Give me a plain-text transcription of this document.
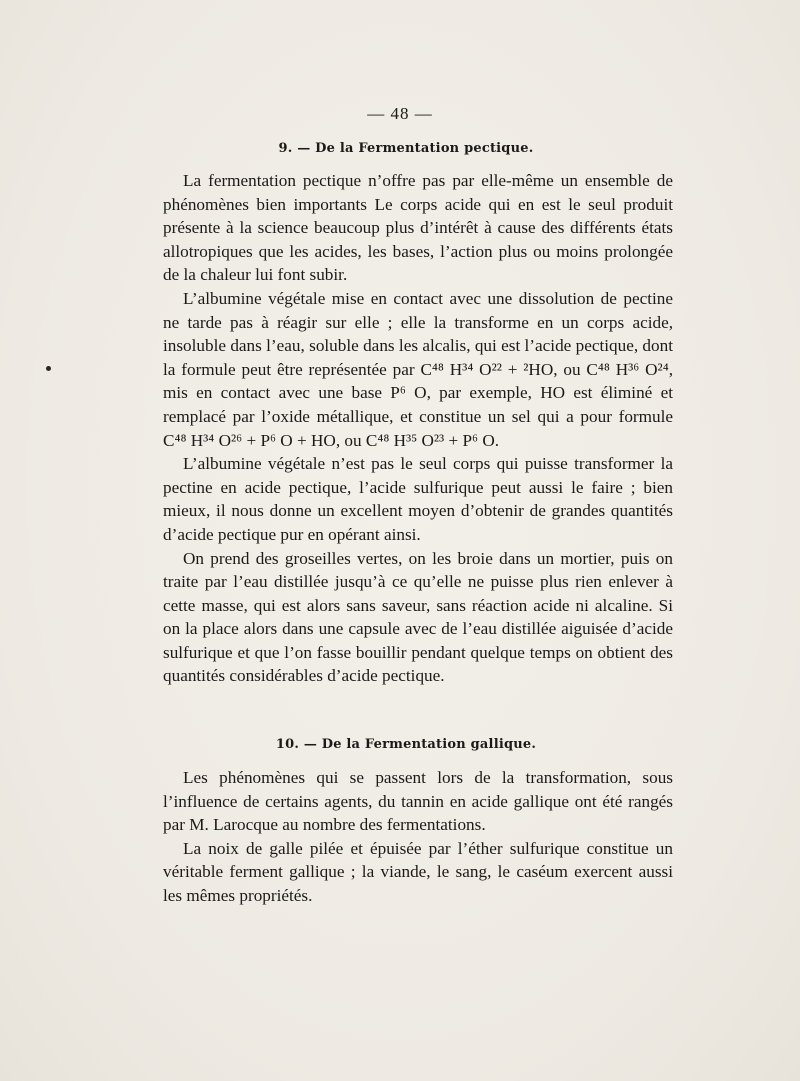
— 48 —
9. — De la Fermentation pectique.

La fermentation pectique n’offre pas par elle-même un ensemble de phénomènes bien importants Le corps acide qui en est le seul produit présente à la science beaucoup plus d’intérêt à cause des différents états allotropiques que les acides, les bases, l’action plus ou moins prolongée de la chaleur lui font subir.

L’albumine végétale mise en contact avec une dissolution de pectine ne tarde pas à réagir sur elle ; elle la transforme en un corps acide, insoluble dans l’eau, soluble dans les alcalis, qui est l’acide pectique, dont la formule peut être représentée par C⁴⁸ H³⁴ O²² + ²HO, ou C⁴⁸ H³⁶ O²⁴, mis en contact avec une base P⁶ O, par exemple, HO est éliminé et remplacé par l’oxide métallique, et constitue un sel qui a pour formule C⁴⁸ H³⁴ O²⁶ + P⁶ O + HO, ou C⁴⁸ H³⁵ O²³ + P⁶ O.

L’albumine végétale n’est pas le seul corps qui puisse transformer la pectine en acide pectique, l’acide sulfurique peut aussi le faire ; bien mieux, il nous donne un excellent moyen d’obtenir de grandes quantités d’acide pectique pur en opérant ainsi.

On prend des groseilles vertes, on les broie dans un mortier, puis on traite par l’eau distillée jusqu’à ce qu’elle ne puisse plus rien enlever à cette masse, qui est alors sans saveur, sans réaction acide ni alcaline. Si on la place alors dans une capsule avec de l’eau distillée aiguisée d’acide sulfurique et que l’on fasse bouillir pendant quelque temps on obtient des quantités considérables d’acide pectique.

10. — De la Fermentation gallique.

Les phénomènes qui se passent lors de la transformation, sous l’influence de certains agents, du tannin en acide gallique ont été rangés par M. Larocque au nombre des fermentations.

La noix de galle pilée et épuisée par l’éther sulfurique constitue un véritable ferment gallique ; la viande, le sang, le caséum exercent aussi les mêmes propriétés.
